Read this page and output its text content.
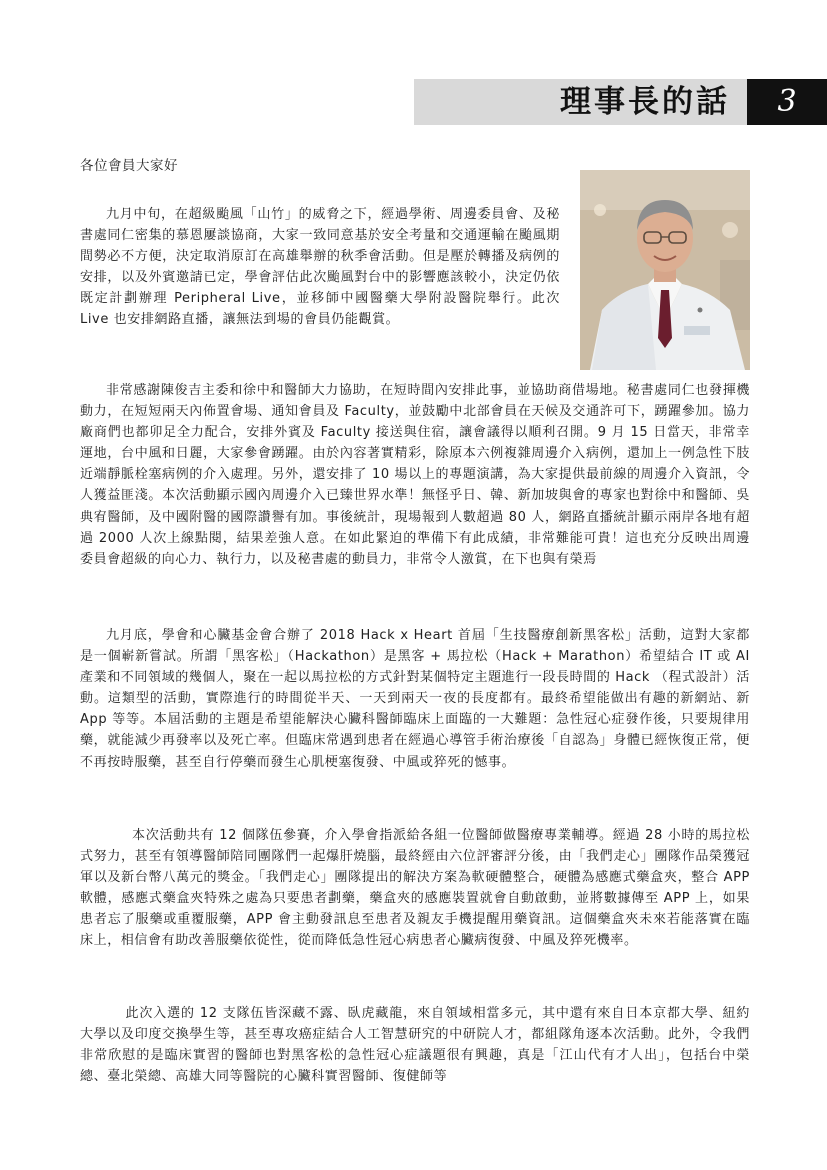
理事長的話	3
各位會員大家好

九月中旬，在超級颱風「山竹」的威脅之下，經過學術、周邊委員會、及秘書處同仁密集的慕恩屢談協商，大家一致同意基於安全考量和交通運輸在颱風期間勢必不方便，決定取消原訂在高雄舉辦的秋季會活動。但是壓於轉播及病例的安排，以及外賓邀請已定，學會評估此次颱風對台中的影響應該較小，決定仍依既定計劃辦理 Peripheral Live，並移師中國醫藥大學附設醫院舉行。此次 Live 也安排網路直播，讓無法到場的會員仍能觀賞。

非常感謝陳俊吉主委和徐中和醫師大力協助，在短時間內安排此事，並協助商借場地。秘書處同仁也發揮機動力，在短短兩天內佈置會場、通知會員及 Faculty，並鼓勵中北部會員在天候及交通許可下，踴躍參加。協力廠商們也都卯足全力配合，安排外賓及 Faculty 接送與住宿，讓會議得以順利召開。9 月 15 日當天，非常幸運地，台中風和日麗，大家參會踴躍。由於內容著實精彩，除原本六例複雜周邊介入病例，還加上一例急性下肢近端靜脈栓塞病例的介入處理。另外，還安排了 10 場以上的專題演講，為大家提供最前線的周邊介入資訊，令人獲益匪淺。本次活動顯示國內周邊介入已臻世界水準！無怪乎日、韓、新加坡與會的專家也對徐中和醫師、吳典宥醫師，及中國附醫的國際讚譽有加。事後統計，現場報到人數超過 80 人，網路直播統計顯示兩岸各地有超過 2000 人次上線點閱，結果差強人意。在如此緊迫的準備下有此成績，非常難能可貴！這也充分反映出周邊委員會超級的向心力、執行力，以及秘書處的動員力，非常令人激賞，在下也與有榮焉

九月底，學會和心臟基金會合辦了 2018 Hack x Heart 首屆「生技醫療創新黑客松」活動，這對大家都是一個嶄新嘗試。所謂「黑客松」（Hackathon）是黑客 + 馬拉松（Hack + Marathon）希望結合 IT 或 AI 產業和不同領域的幾個人，聚在一起以馬拉松的方式針對某個特定主題進行一段長時間的 Hack （程式設計）活動。這類型的活動，實際進行的時間從半天、一天到兩天一夜的長度都有。最終希望能做出有趣的新網站、新 App 等等。本屆活動的主題是希望能解決心臟科醫師臨床上面臨的一大難題：急性冠心症發作後，只要規律用藥，就能減少再發率以及死亡率。但臨床常遇到患者在經過心導管手術治療後「自認為」身體已經恢復正常，便不再按時服藥，甚至自行停藥而發生心肌梗塞復發、中風或猝死的憾事。

本次活動共有 12 個隊伍參賽，介入學會指派給各組一位醫師做醫療專業輔導。經過 28 小時的馬拉松式努力，甚至有領導醫師陪同團隊們一起爆肝燒腦，最終經由六位評審評分後，由「我們走心」團隊作品榮獲冠軍以及新台幣八萬元的獎金。「我們走心」團隊提出的解決方案為軟硬體整合，硬體為感應式藥盒夾，整合 APP 軟體，感應式藥盒夾特殊之處為只要患者劃藥，藥盒夾的感應裝置就會自動啟動，並將數據傳至 APP 上，如果患者忘了服藥或重覆服藥，APP 會主動發訊息至患者及親友手機提醒用藥資訊。這個藥盒夾未來若能落實在臨床上，相信會有助改善服藥依從性，從而降低急性冠心病患者心臟病復發、中風及猝死機率。

此次入選的 12 支隊伍皆深藏不露、臥虎藏龍，來自領域相當多元，其中還有來自日本京都大學、紐約大學以及印度交換學生等，甚至專攻癌症結合人工智慧研究的中研院人才，都組隊角逐本次活動。此外，令我們非常欣慰的是臨床實習的醫師也對黑客松的急性冠心症議題很有興趣，真是「江山代有才人出」，包括台中榮總、臺北榮總、高雄大同等醫院的心臟科實習醫師、復健師等
